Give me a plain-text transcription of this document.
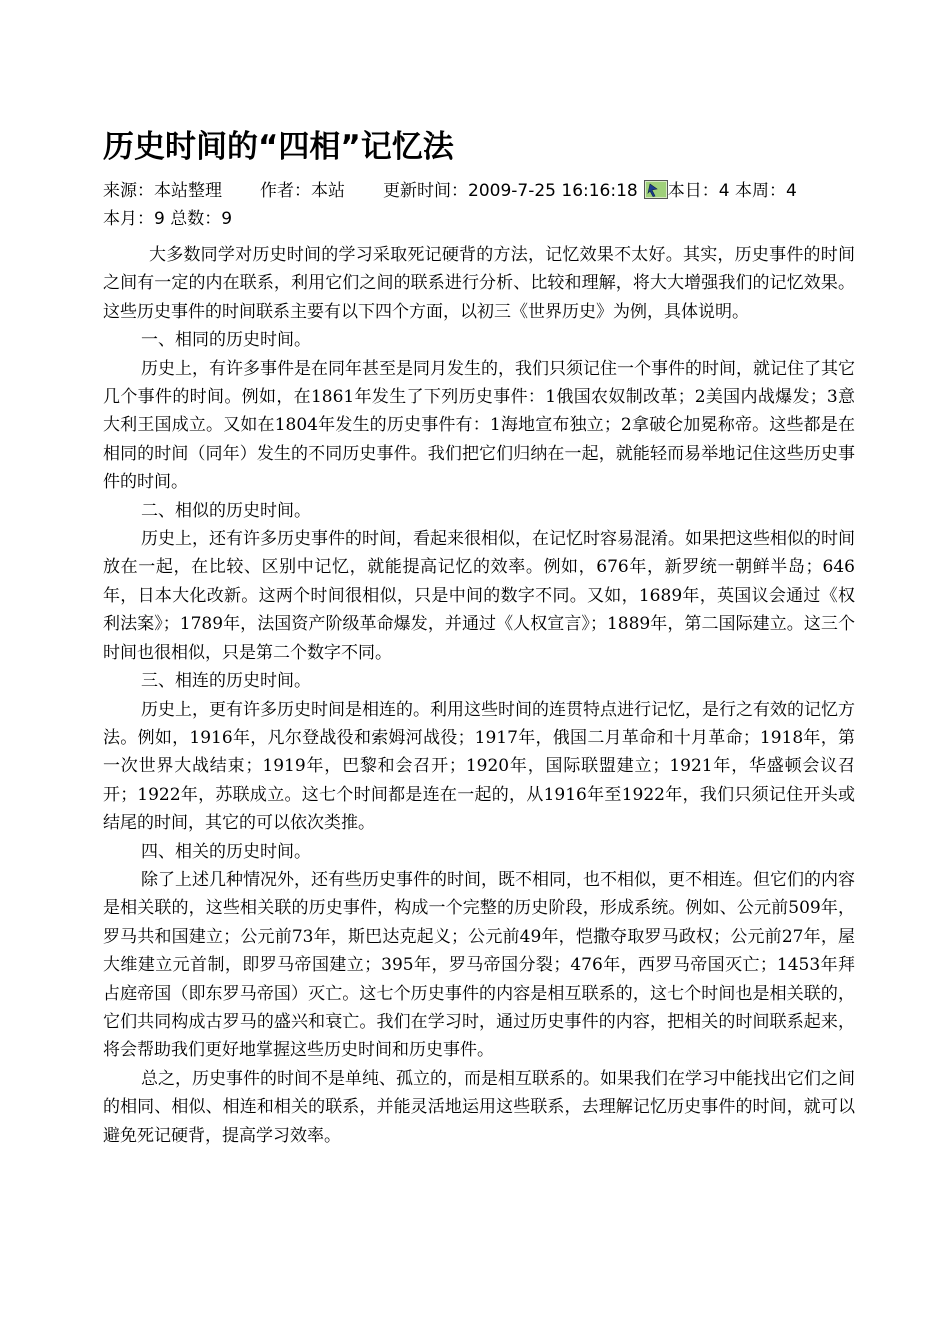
历史时间的“四相”记忆法
来源：本站整理 作者：本站 更新时间：2009-7-25 16:16:18 本日：4 本周：4
本月：9 总数：9

大多数同学对历史时间的学习采取死记硬背的方法，记忆效果不太好。其实，历史事件的时间之间有一定的内在联系，利用它们之间的联系进行分析、比较和理解，将大大增强我们的记忆效果。这些历史事件的时间联系主要有以下四个方面，以初三《世界历史》为例，具体说明。

一、相同的历史时间。

历史上，有许多事件是在同年甚至是同月发生的，我们只须记住一个事件的时间，就记住了其它几个事件的时间。例如，在1861年发生了下列历史事件：1俄国农奴制改革；2美国内战爆发；3意大利王国成立。又如在1804年发生的历史事件有：1海地宣布独立；2拿破仑加冕称帝。这些都是在相同的时间（同年）发生的不同历史事件。我们把它们归纳在一起，就能轻而易举地记住这些历史事件的时间。

二、相似的历史时间。

历史上，还有许多历史事件的时间，看起来很相似，在记忆时容易混淆。如果把这些相似的时间放在一起，在比较、区别中记忆，就能提高记忆的效率。例如，676年，新罗统一朝鲜半岛；646年，日本大化改新。这两个时间很相似，只是中间的数字不同。又如，1689年，英国议会通过《权利法案》；1789年，法国资产阶级革命爆发，并通过《人权宣言》；1889年，第二国际建立。这三个时间也很相似，只是第二个数字不同。

三、相连的历史时间。

历史上，更有许多历史时间是相连的。利用这些时间的连贯特点进行记忆，是行之有效的记忆方法。例如，1916年，凡尔登战役和索姆河战役；1917年，俄国二月革命和十月革命；1918年，第一次世界大战结束；1919年，巴黎和会召开；1920年，国际联盟建立；1921年，华盛顿会议召开；1922年，苏联成立。这七个时间都是连在一起的，从1916年至1922年，我们只须记住开头或结尾的时间，其它的可以依次类推。

四、相关的历史时间。

除了上述几种情况外，还有些历史事件的时间，既不相同，也不相似，更不相连。但它们的内容是相关联的，这些相关联的历史事件，构成一个完整的历史阶段，形成系统。例如、公元前509年，罗马共和国建立；公元前73年，斯巴达克起义；公元前49年，恺撒夺取罗马政权；公元前27年，屋大维建立元首制，即罗马帝国建立；395年，罗马帝国分裂；476年，西罗马帝国灭亡；1453年拜占庭帝国（即东罗马帝国）灭亡。这七个历史事件的内容是相互联系的，这七个时间也是相关联的，它们共同构成古罗马的盛兴和衰亡。我们在学习时，通过历史事件的内容，把相关的时间联系起来，将会帮助我们更好地掌握这些历史时间和历史事件。

总之，历史事件的时间不是单纯、孤立的，而是相互联系的。如果我们在学习中能找出它们之间的相同、相似、相连和相关的联系，并能灵活地运用这些联系，去理解记忆历史事件的时间，就可以避免死记硬背，提高学习效率。
